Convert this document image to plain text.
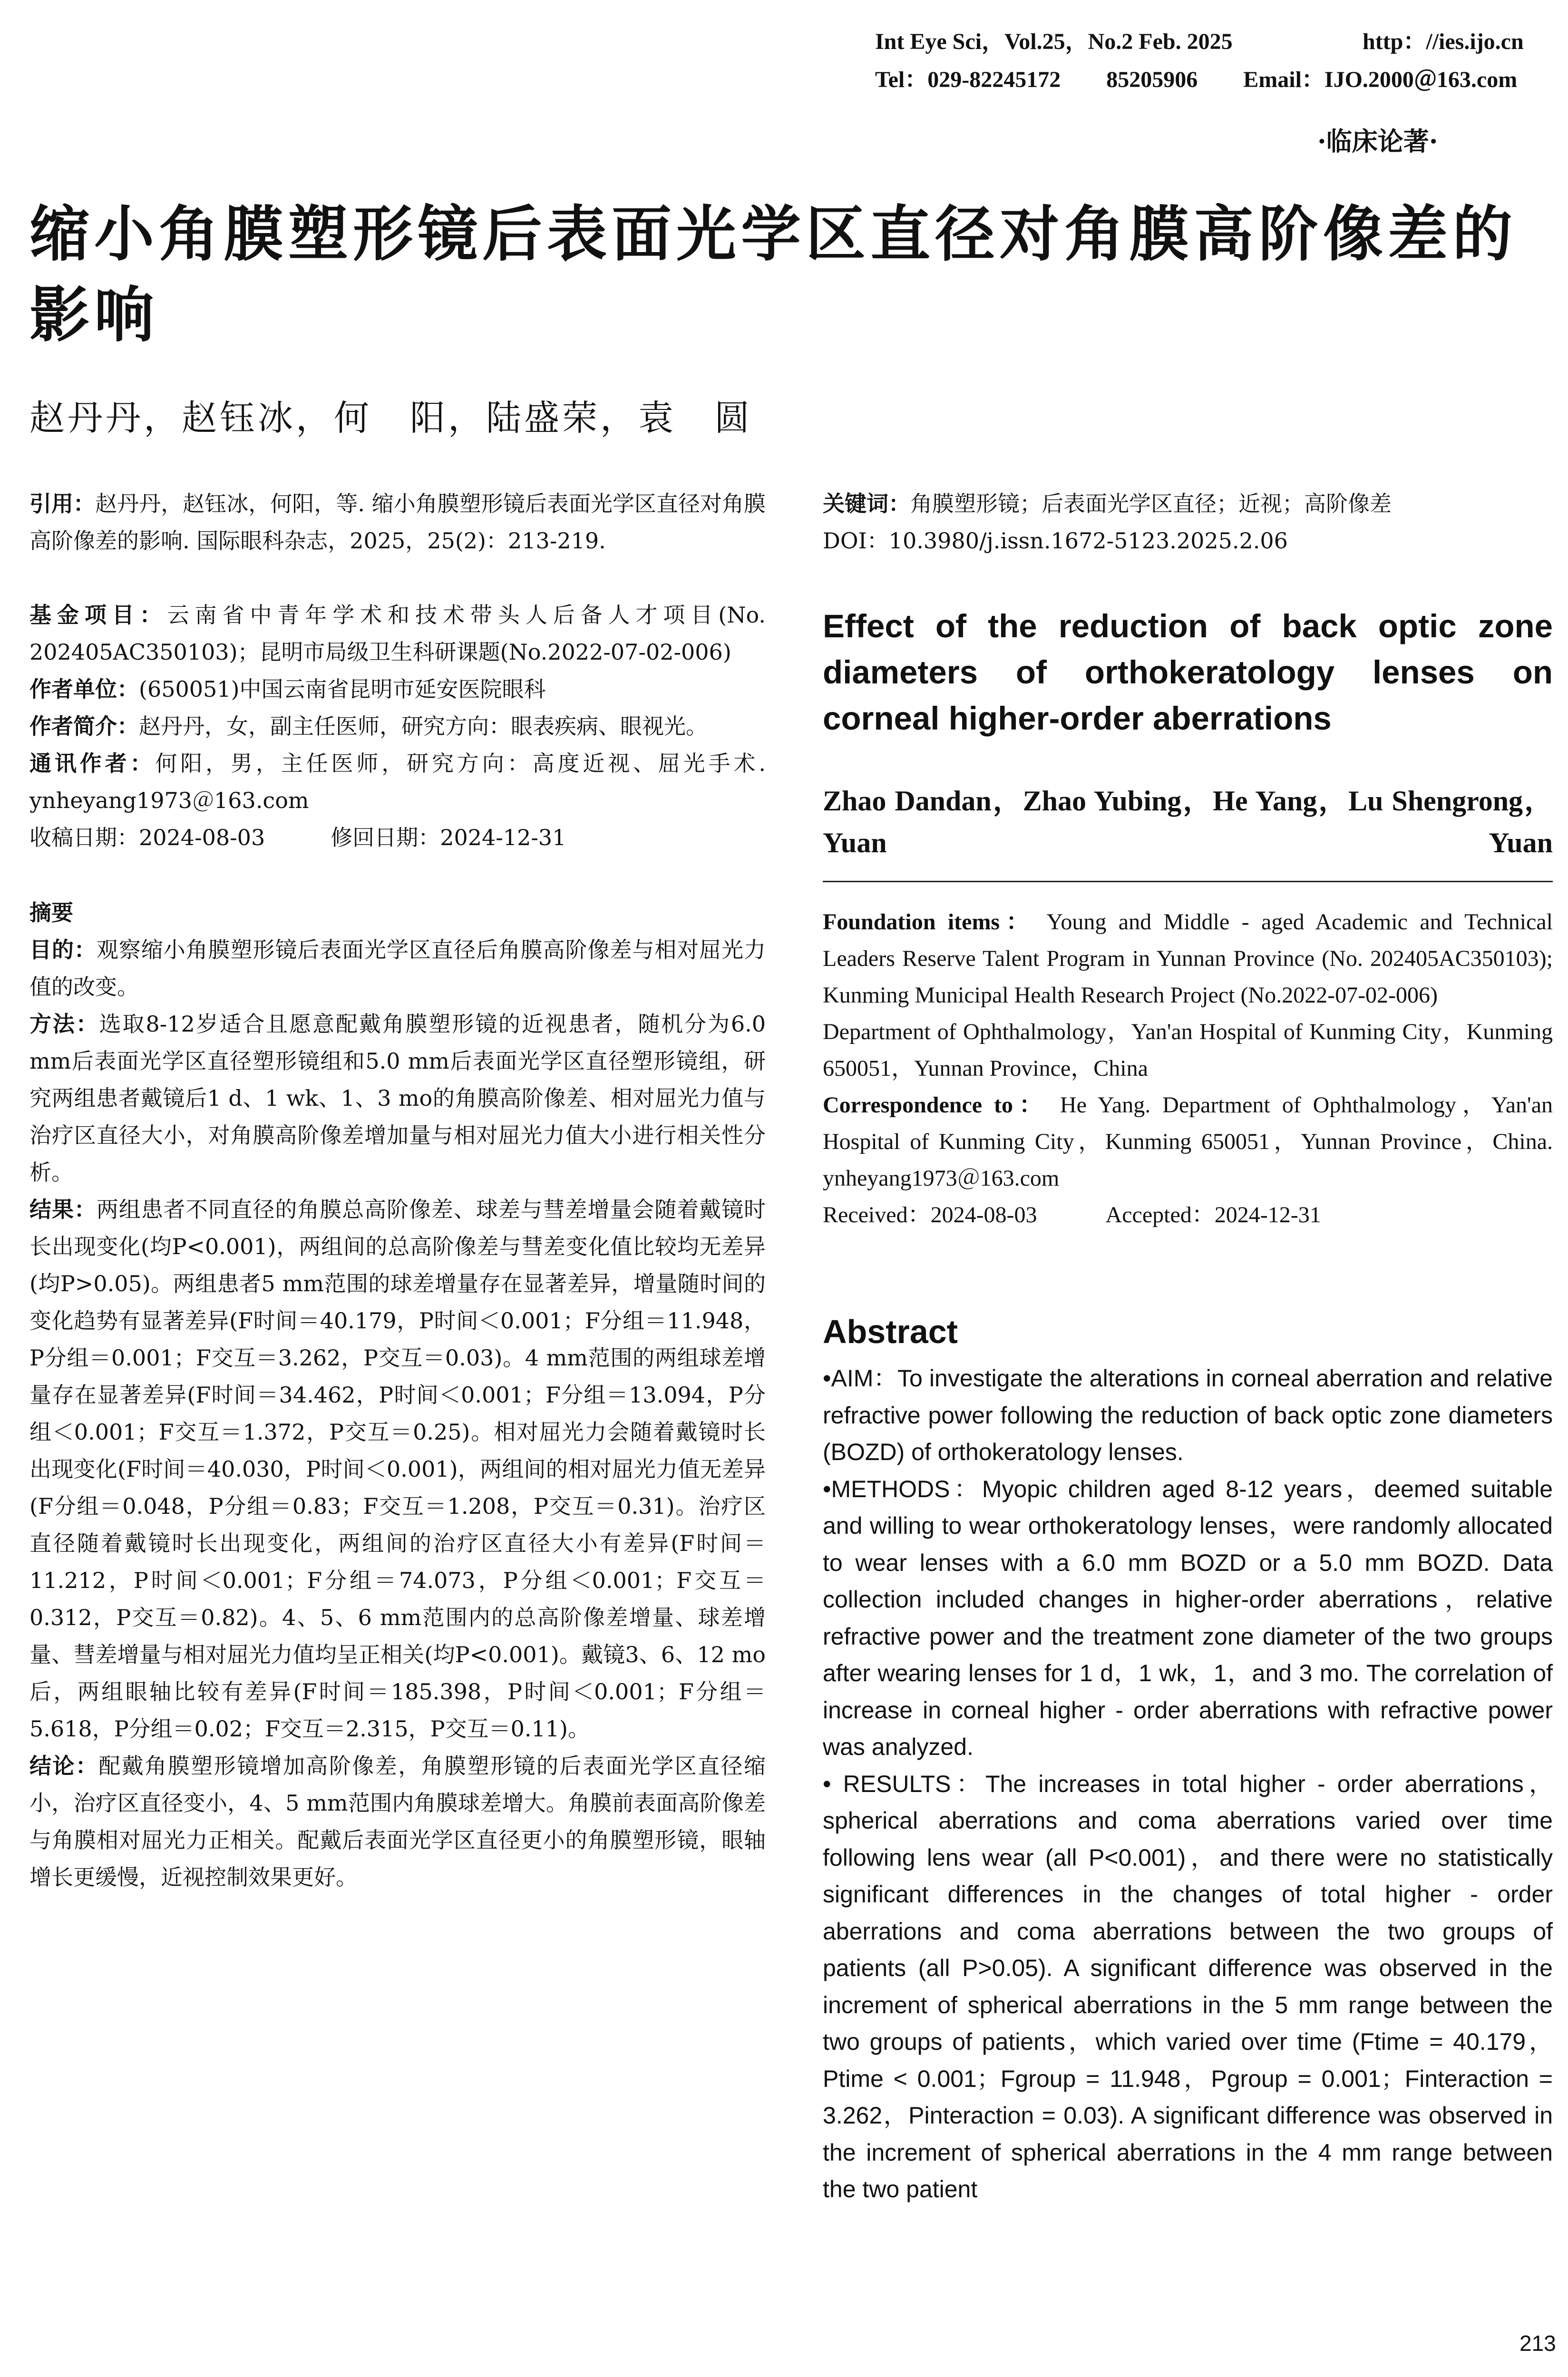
Int Eye Sci，Vol.25，No.2 Feb. 2025	http：//ies.ijo.cn
Tel：029-82245172　　85205906　　Email：IJO.2000＠163.com
·临床论著·
缩小角膜塑形镜后表面光学区直径对角膜高阶像差的
影响
赵丹丹，赵钰冰，何　阳，陆盛荣，袁　圆

引用：赵丹丹，赵钰冰，何阳，等. 缩小角膜塑形镜后表面光学区直径对角膜高阶像差的影响. 国际眼科杂志，2025，25(2)：213-219.

基金项目：云南省中青年学术和技术带头人后备人才项目(No. 202405AC350103)；昆明市局级卫生科研课题(No.2022-07-02-006)

作者单位：(650051)中国云南省昆明市延安医院眼科

作者简介：赵丹丹，女，副主任医师，研究方向：眼表疾病、眼视光。

通讯作者：何阳，男，主任医师，研究方向：高度近视、屈光手术. ynheyang1973＠163.com

收稿日期：2024-08-03　　　修回日期：2024-12-31

摘要

目的：观察缩小角膜塑形镜后表面光学区直径后角膜高阶像差与相对屈光力值的改变。

方法：选取8-12岁适合且愿意配戴角膜塑形镜的近视患者，随机分为6.0 mm后表面光学区直径塑形镜组和5.0 mm后表面光学区直径塑形镜组，研究两组患者戴镜后1 d、1 wk、1、3 mo的角膜高阶像差、相对屈光力值与治疗区直径大小，对角膜高阶像差增加量与相对屈光力值大小进行相关性分析。

结果：两组患者不同直径的角膜总高阶像差、球差与彗差增量会随着戴镜时长出现变化(均P<0.001)，两组间的总高阶像差与彗差变化值比较均无差异(均P>0.05)。两组患者5 mm范围的球差增量存在显著差异，增量随时间的变化趋势有显著差异(F时间＝40.179，P时间＜0.001；F分组＝11.948，P分组＝0.001；F交互＝3.262，P交互＝0.03)。4 mm范围的两组球差增量存在显著差异(F时间＝34.462，P时间＜0.001；F分组＝13.094，P分组＜0.001；F交互＝1.372，P交互＝0.25)。相对屈光力会随着戴镜时长出现变化(F时间＝40.030，P时间＜0.001)，两组间的相对屈光力值无差异(F分组＝0.048，P分组＝0.83；F交互＝1.208，P交互＝0.31)。治疗区直径随着戴镜时长出现变化，两组间的治疗区直径大小有差异(F时间＝11.212，P时间＜0.001；F分组＝74.073，P分组＜0.001；F交互＝0.312，P交互＝0.82)。4、5、6 mm范围内的总高阶像差增量、球差增量、彗差增量与相对屈光力值均呈正相关(均P<0.001)。戴镜3、6、12 mo后，两组眼轴比较有差异(F时间＝185.398，P时间＜0.001；F分组＝5.618，P分组＝0.02；F交互＝2.315，P交互＝0.11)。

结论：配戴角膜塑形镜增加高阶像差，角膜塑形镜的后表面光学区直径缩小，治疗区直径变小，4、5 mm范围内角膜球差增大。角膜前表面高阶像差与角膜相对屈光力正相关。配戴后表面光学区直径更小的角膜塑形镜，眼轴增长更缓慢，近视控制效果更好。

关键词：角膜塑形镜；后表面光学区直径；近视；高阶像差

DOI：10.3980/j.issn.1672-5123.2025.2.06

Effect of the reduction of back optic zone diameters of orthokeratology lenses on corneal higher-order aberrations
Zhao Dandan，Zhao Yubing，He Yang，Lu Shengrong，Yuan Yuan

Foundation items： Young and Middle - aged Academic and Technical Leaders Reserve Talent Program in Yunnan Province (No. 202405AC350103); Kunming Municipal Health Research Project (No.2022-07-02-006)

Department of Ophthalmology，Yan'an Hospital of Kunming City，Kunming 650051，Yunnan Province，China

Correspondence to： He Yang. Department of Ophthalmology，Yan'an Hospital of Kunming City，Kunming 650051，Yunnan Province，China. ynheyang1973＠163.com

Received：2024-08-03　　　Accepted：2024-12-31

Abstract

•AIM：To investigate the alterations in corneal aberration and relative refractive power following the reduction of back optic zone diameters (BOZD) of orthokeratology lenses.

•METHODS：Myopic children aged 8-12 years，deemed suitable and willing to wear orthokeratology lenses，were randomly allocated to wear lenses with a 6.0 mm BOZD or a 5.0 mm BOZD. Data collection included changes in higher-order aberrations，relative refractive power and the treatment zone diameter of the two groups after wearing lenses for 1 d，1 wk，1，and 3 mo. The correlation of increase in corneal higher - order aberrations with refractive power was analyzed.

• RESULTS：The increases in total higher - order aberrations，spherical aberrations and coma aberrations varied over time following lens wear (all P<0.001)，and there were no statistically significant differences in the changes of total higher - order aberrations and coma aberrations between the two groups of patients (all P>0.05). A significant difference was observed in the increment of spherical aberrations in the 5 mm range between the two groups of patients，which varied over time (Ftime = 40.179，Ptime < 0.001；Fgroup = 11.948，Pgroup = 0.001；Finteraction = 3.262，Pinteraction = 0.03). A significant difference was observed in the increment of spherical aberrations in the 4 mm range between the two patient

213
